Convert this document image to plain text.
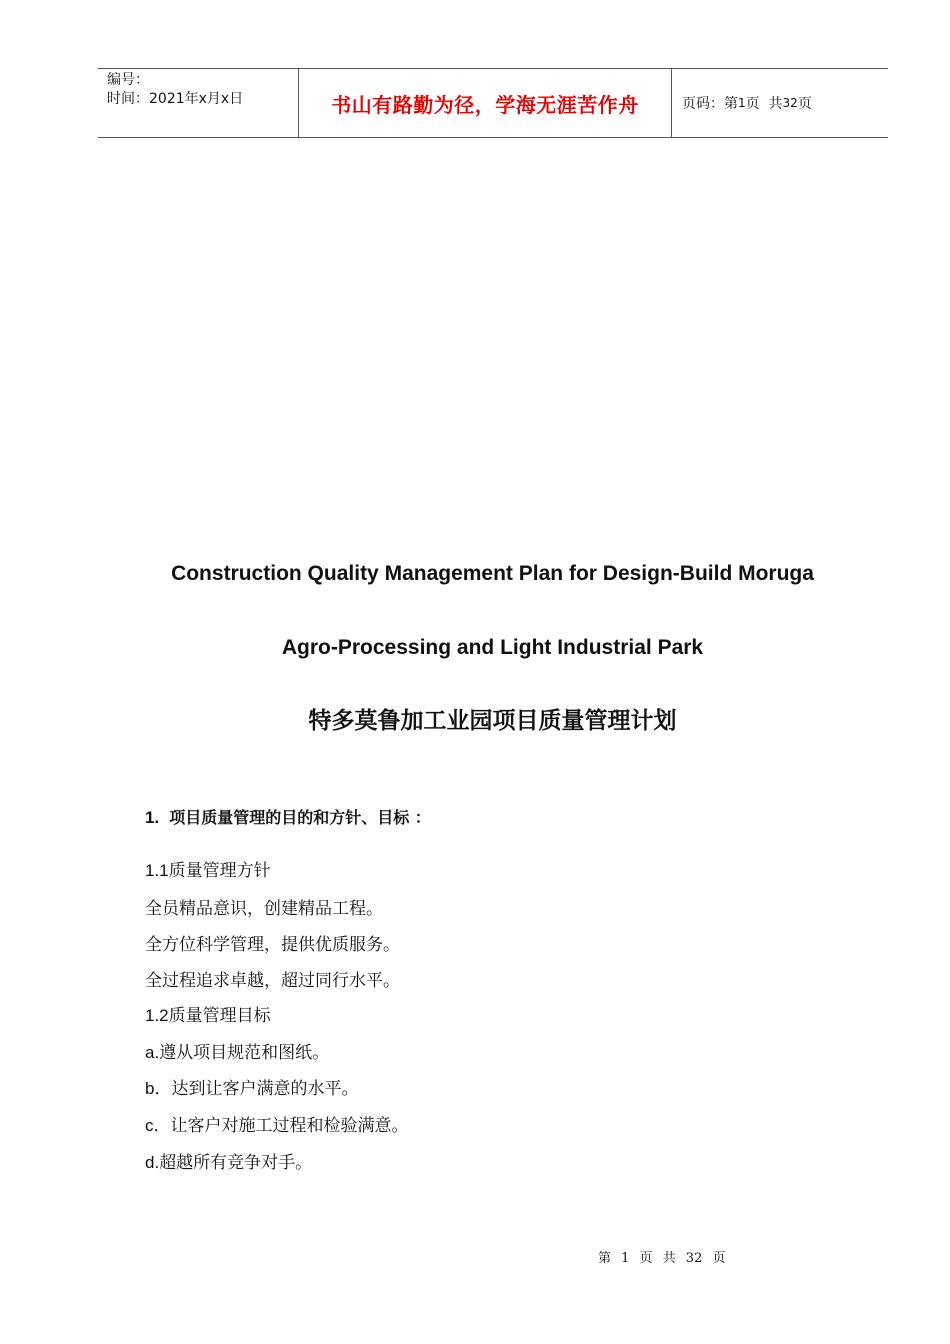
编号：
时间：2021年x月x日	书山有路勤为径，学海无涯苦作舟	页码：第 1 页  共 32 页
Construction Quality Management Plan for Design-Build Moruga
Agro-Processing and Light Industrial Park
特多莫鲁加工业园项目质量管理计划
1. 项目质量管理的目的和方针、目标 ：
1.1质量管理方针
全员精品意识，创建精品工程。
全方位科学管理，提供优质服务。
全过程追求卓越，超过同行水平。
1.2质量管理目标
a.遵从项目规范和图纸。
b．达到让客户满意的水平。
c．让客户对施工过程和检验满意。
d.超越所有竞争对手。
第 1 页 共 32 页
